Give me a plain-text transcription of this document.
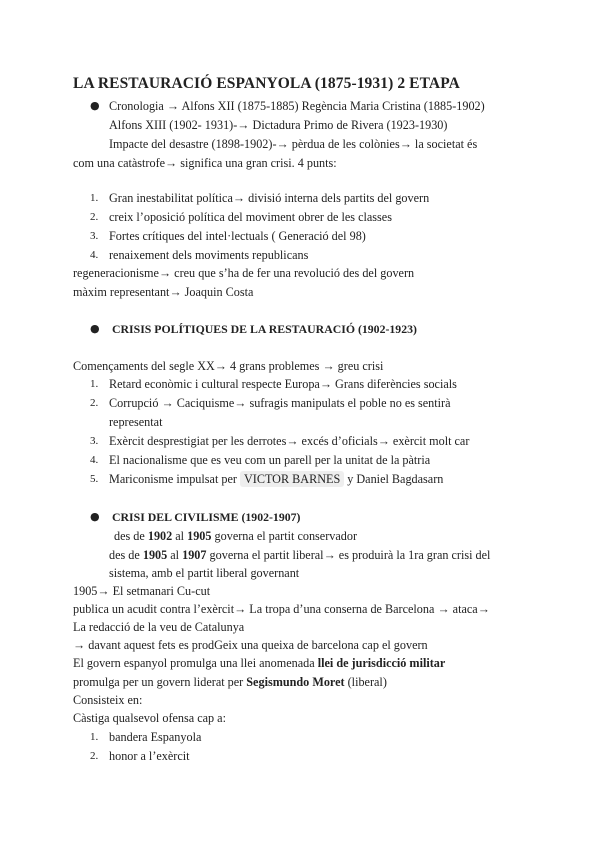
LA RESTAURACIÓ ESPANYOLA (1875-1931) 2 ETAPA
● Cronologia → Alfons XII (1875-1885) Regència Maria Cristina (1885-1902)
Alfons XIII (1902- 1931)-→ Dictadura Primo de Rivera (1923-1930)
Impacte del desastre (1898-1902)-→ pèrdua de les colònies→ la societat és
com una catàstrofe→ significa una gran crisi. 4 punts:
1. Gran inestabilitat política→ divisió interna dels partits del govern
2. creix l’oposició política del moviment obrer de les classes
3. Fortes crítiques del intel·lectuals ( Generació del 98)
4. renaixement dels moviments republicans
regeneracionisme→ creu que s’ha de fer una revolució des del govern
màxim representant→ Joaquin Costa
● CRISIS POLÍTIQUES DE LA RESTAURACIÓ (1902-1923)
Començaments del segle XX→ 4 grans problemes → greu crisi
1. Retard econòmic i cultural respecte Europa→ Grans diferències socials
2. Corrupció → Caciquisme→ sufragis manipulats el poble no es sentirà
representat
3. Exèrcit desprestigiat per les derrotes→ excés d’oficials→ exèrcit molt car
4. El nacionalisme que es veu com un parell per la unitat de la pàtria
5. Mariconisme impulsat per VICTOR BARNES y Daniel Bagdasarn
● CRISI DEL CIVILISME (1902-1907)
des de 1902 al 1905 governa el partit conservador
des de 1905 al 1907 governa el partit liberal→ es produirà la 1ra gran crisi del
sistema, amb el partit liberal governant
1905→ El setmanari Cu-cut
publica un acudit contra l’exèrcit→ La tropa d’una conserna de Barcelona → ataca→
La redacció de la veu de Catalunya
→ davant aquest fets es prodGeix una queixa de barcelona cap el govern
El govern espanyol promulga una llei anomenada llei de jurisdicció militar
promulga per un govern liderat per Segismundo Moret (liberal)
Consisteix en:
Càstiga qualsevol ofensa cap a:
1. bandera Espanyola
2. honor a l’exèrcit
